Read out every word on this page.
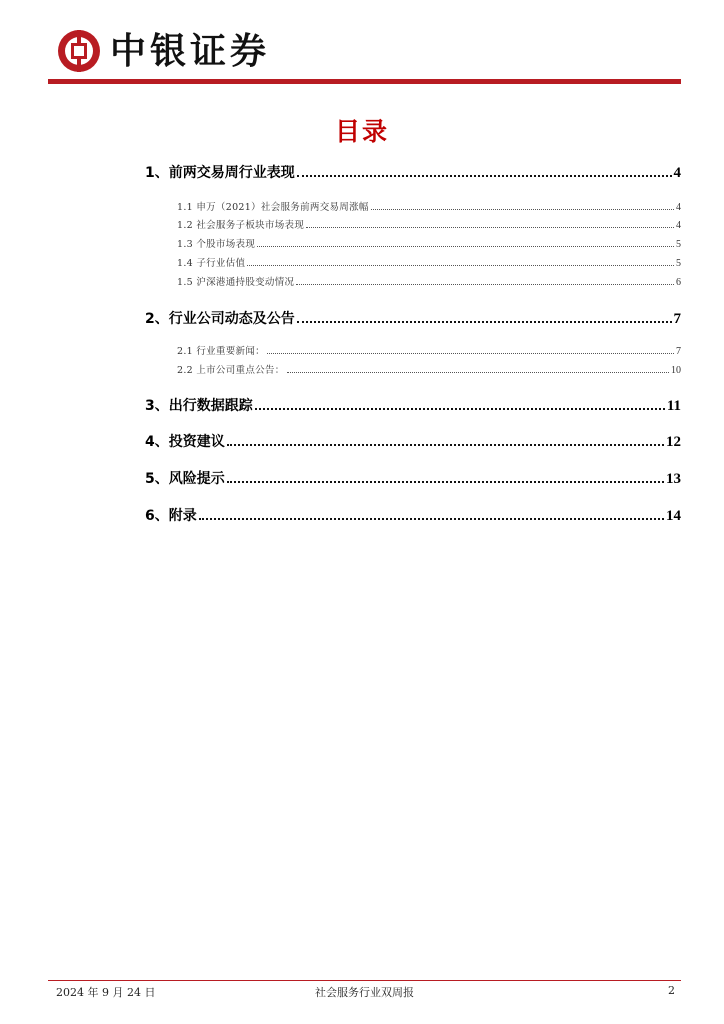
中银证券
目录
1、前两交易周行业表现	4
1.1 申万（2021）社会服务前两交易周涨幅	4
1.2 社会服务子板块市场表现	4
1.3 个股市场表现	5
1.4 子行业估值	5
1.5 沪深港通持股变动情况	6
2、行业公司动态及公告	7
2.1 行业重要新闻：	7
2.2 上市公司重点公告：	10
3、出行数据跟踪	11
4、投资建议	12
5、风险提示	13
6、附录	14
2024 年 9 月 24 日	社会服务行业双周报	2
